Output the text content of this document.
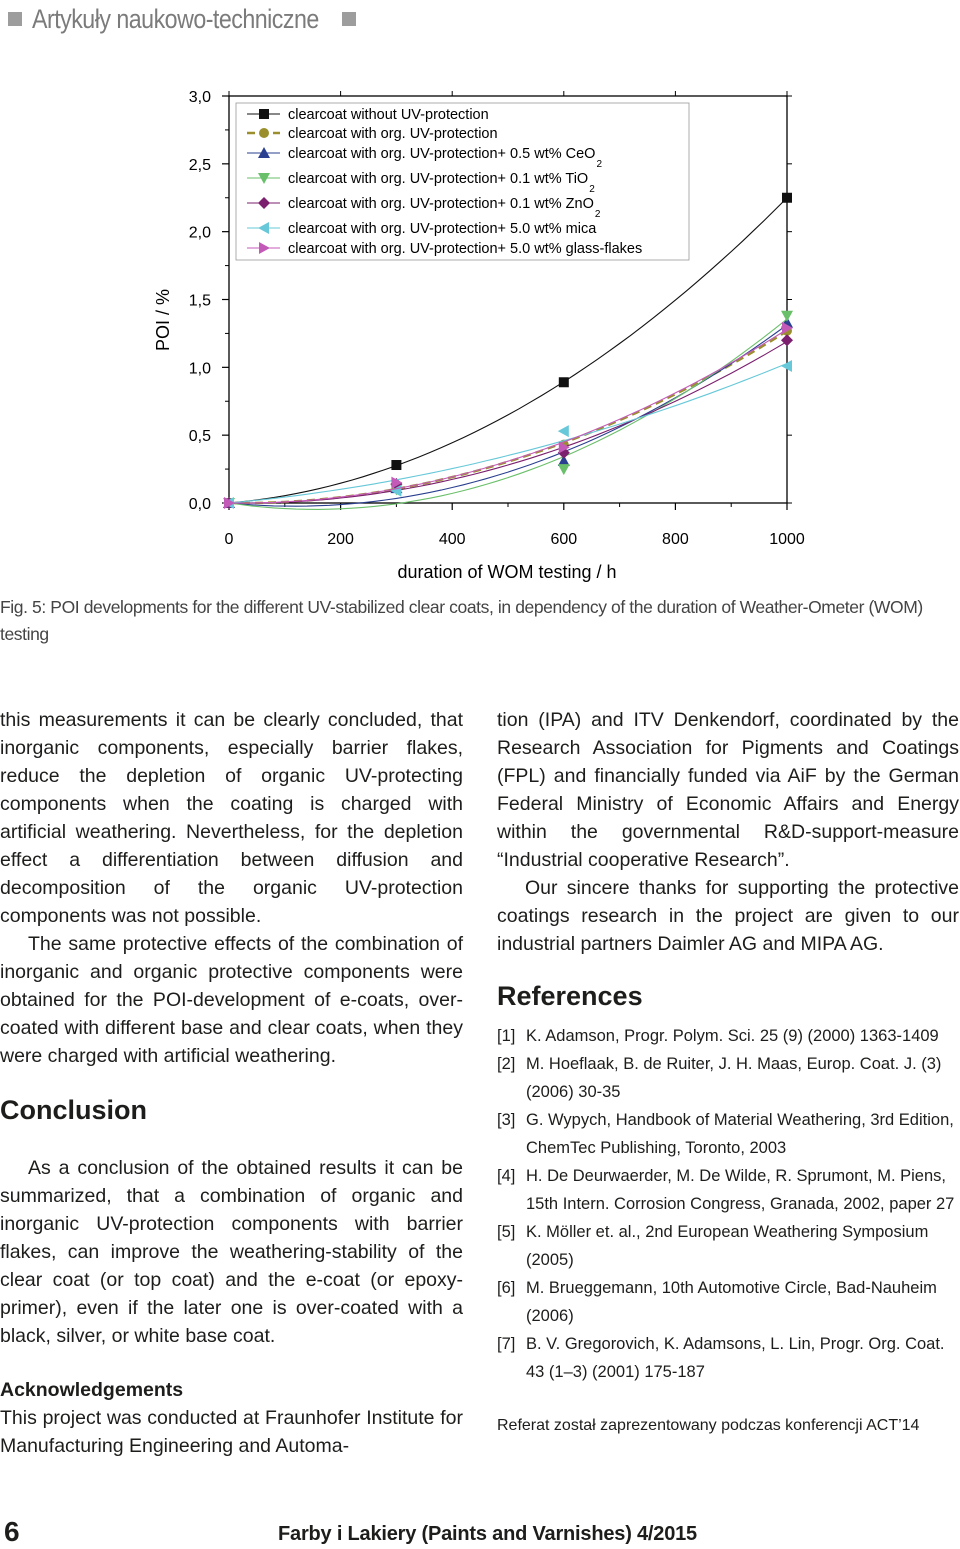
Artykuły naukowo-techniczne
0,0
0,5
1,0
1,5
2,0
2,5
3,0
0	200	400	600	800	1000
duration of WOM testing / h
POI / %
clearcoat without UV-protection
clearcoat with org. UV-protection
clearcoat with org. UV-protection+ 0.5 wt% CeO
2
clearcoat with org. UV-protection+ 0.1 wt% TiO
2
clearcoat with org. UV-protection+ 0.1 wt% ZnO
2
clearcoat with org. UV-protection+ 5.0 wt% mica
clearcoat with org. UV-protection+ 5.0 wt% glass-flakes
Fig. 5: POI developments for the different UV-stabilized clear coats, in dependency of the duration of Weather-Ometer (WOM) testing

this measurements it can be clearly concluded, that inorganic components, especially barrier flakes, reduce the depletion of organic UV-protecting components when the coating is charged with artificial weathering. Nevertheless, for the depletion effect a differentiation between diffusion and decomposition of the organic UV-protection components was not possible.

The same protective effects of the combination of inorganic and organic protective components were obtained for the POI-development of e-coats, over-coated with different base and clear coats, when they were charged with artificial weathering.

Conclusion

As a conclusion of the obtained results it can be summarized, that a combination of organic and inorganic UV-protection components with barrier flakes, can improve the weathering-stability of the clear coat (or top coat) and the e-coat (or epoxy-primer), even if the later one is over-coated with a black, silver, or white base coat.

Acknowledgements

This project was conducted at Fraunhofer Institute for Manufacturing Engineering and Automa-

tion (IPA) and ITV Denkendorf, coordinated by the Research Association for Pigments and Coatings (FPL) and financially funded via AiF by the German Federal Ministry of Economic Affairs and Energy within the governmental R&D-support-measure “Industrial cooperative Research”.

Our sincere thanks for supporting the protective coatings research in the project are given to our industrial partners Daimler AG and MIPA AG.

References
[1] K. Adamson, Progr. Polym. Sci. 25 (9) (2000) 1363-1409
[2] M. Hoeflaak, B. de Ruiter, J. H. Maas, Europ. Coat. J. (3) (2006) 30-35
[3] G. Wypych, Handbook of Material Weathering, 3rd Edition, ChemTec Publishing, Toronto, 2003
[4] H. De Deurwaerder, M. De Wilde, R. Sprumont, M. Piens, 15th Intern. Corrosion Congress, Granada, 2002, paper 27
[5] K. Möller et. al., 2nd European Weathering Symposium (2005)
[6] M. Brueggemann, 10th Automotive Circle, Bad-Nauheim (2006)
[7] B. V. Gregorovich, K. Adamsons, L. Lin, Progr. Org. Coat. 43 (1–3) (2001) 175-187
Referat został zaprezentowany podczas konferencji ACT’14
6	Farby i Lakiery (Paints and Varnishes) 4/2015
